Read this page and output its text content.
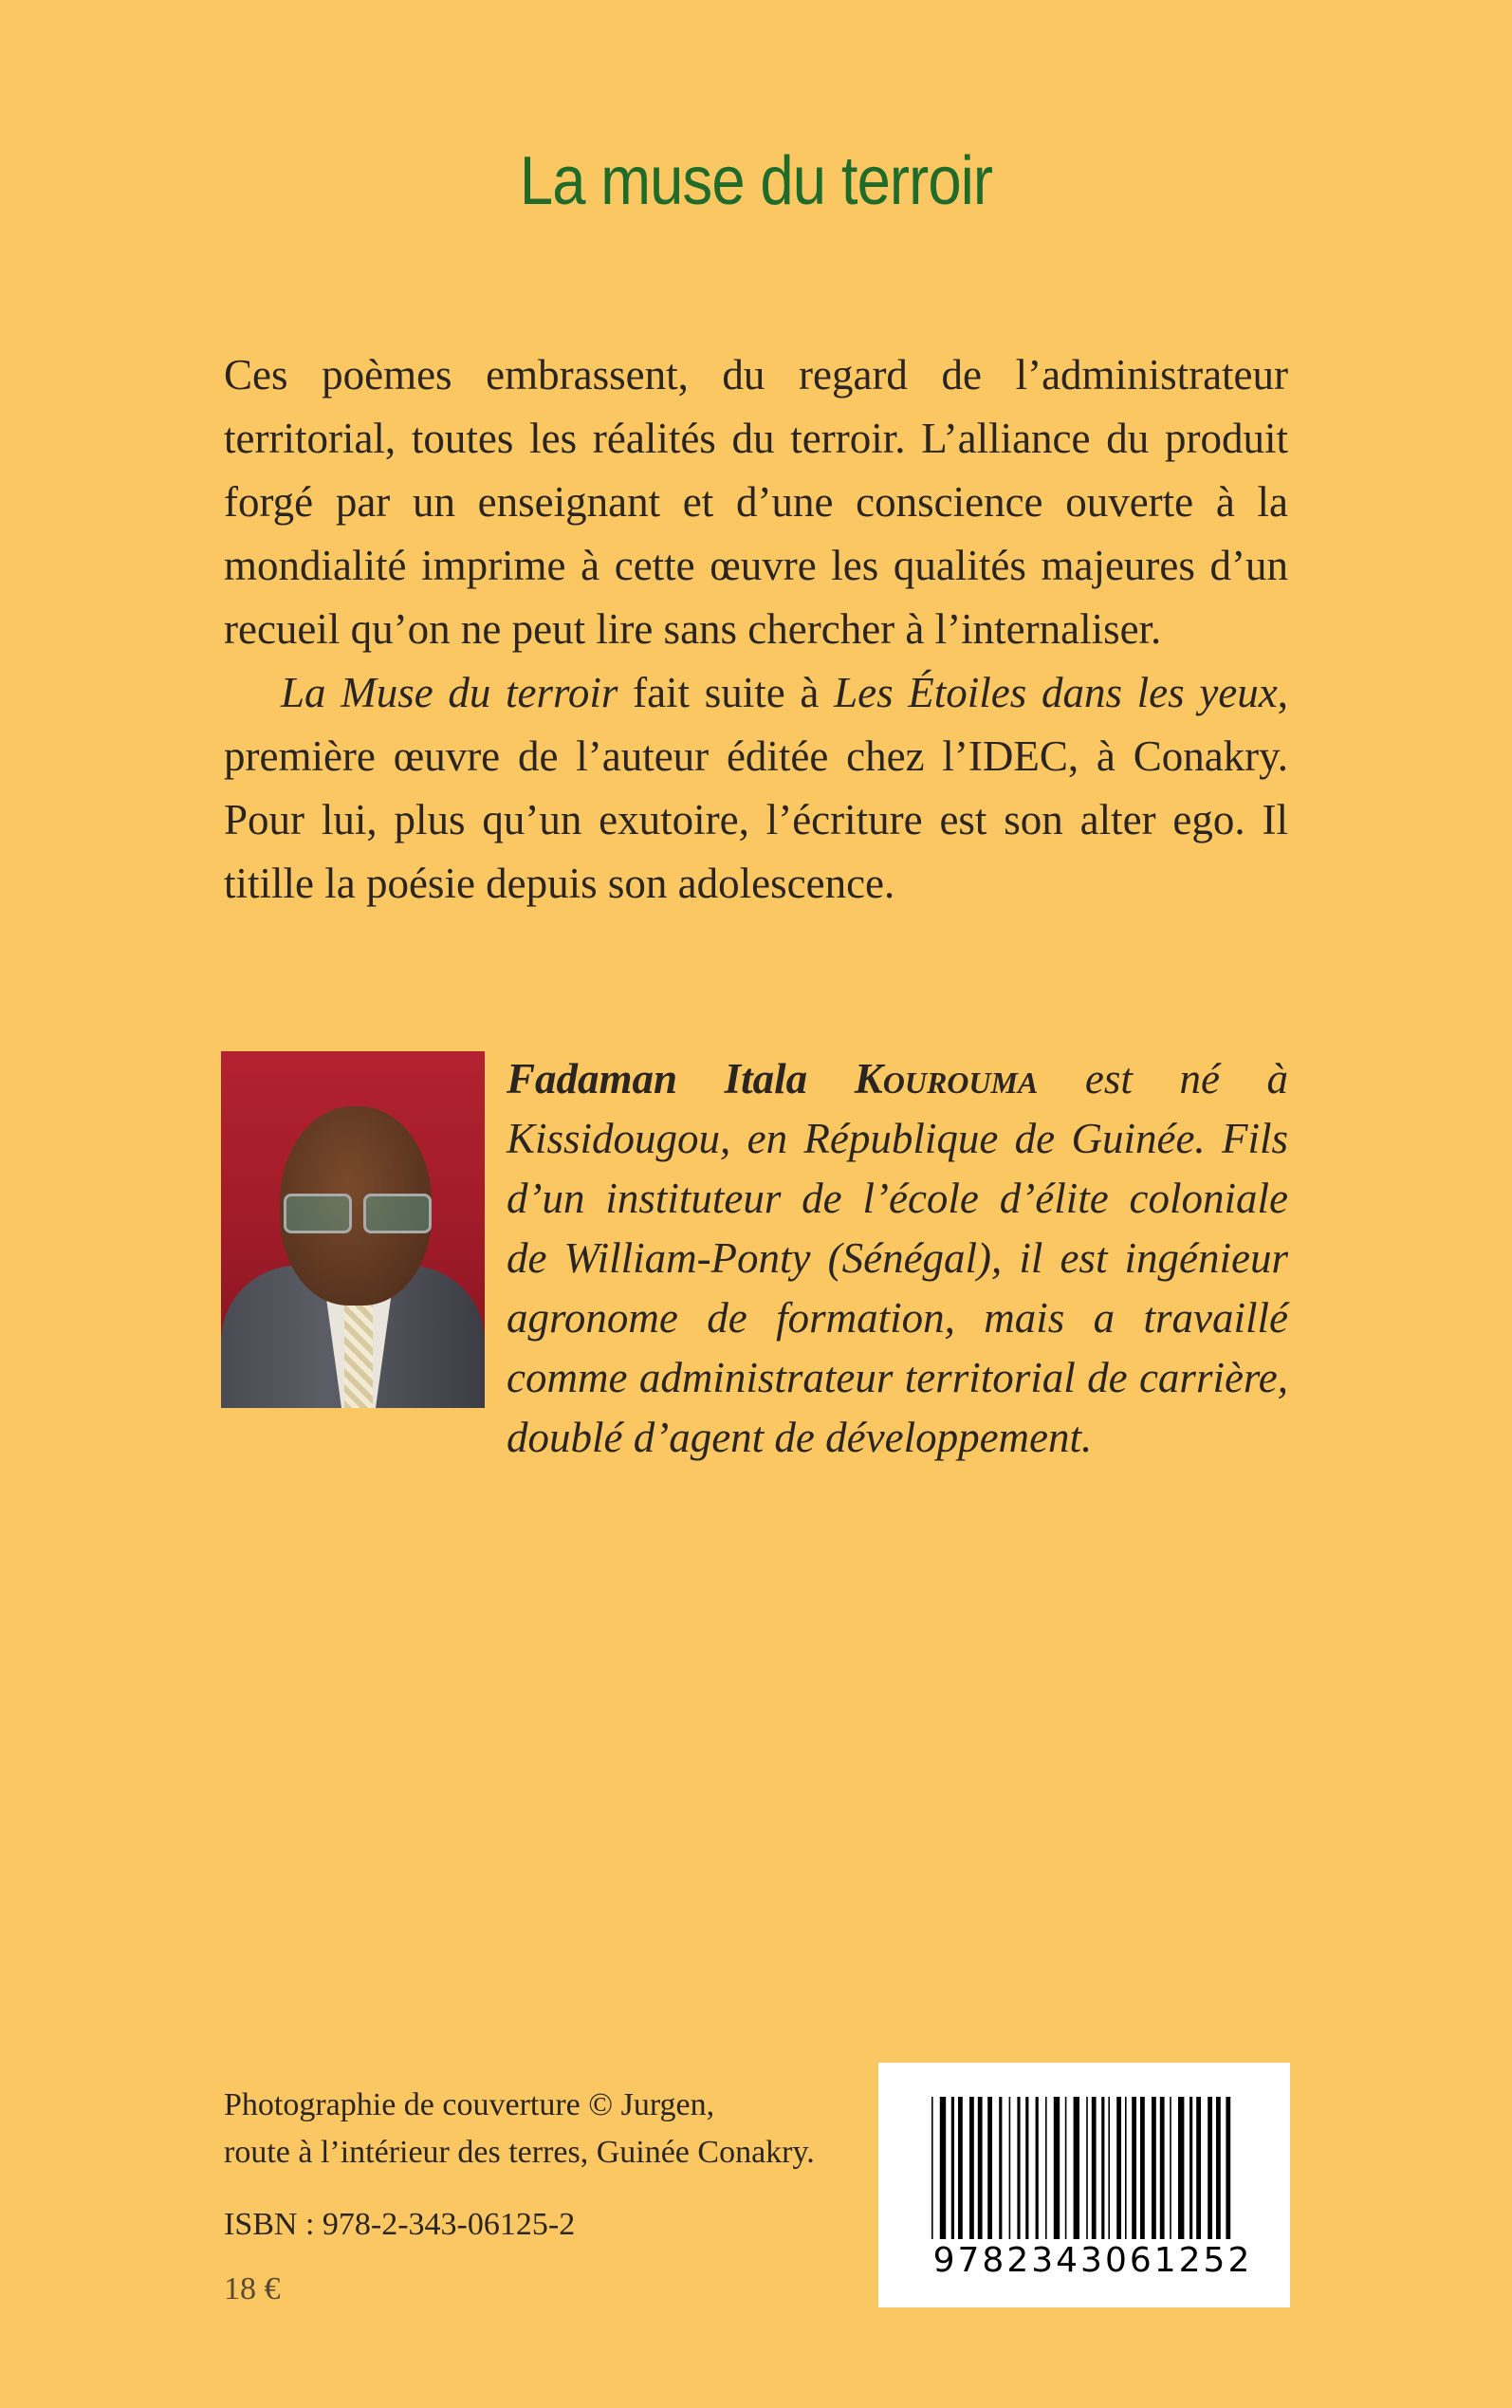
La muse du terroir

Ces poèmes embrassent, du regard de l’administrateur territorial, toutes les réalités du terroir. L’alliance du produit forgé par un enseignant et d’une conscience ouverte à la mondialité imprime à cette œuvre les qualités majeures d’un recueil qu’on ne peut lire sans chercher à l’internaliser.

La Muse du terroir fait suite à Les Étoiles dans les yeux, première œuvre de l’auteur éditée chez l’IDEC, à Conakry. Pour lui, plus qu’un exutoire, l’écriture est son alter ego. Il titille la poésie depuis son adolescence.

Fadaman Itala Kourouma est né à Kissidougou, en République de Guinée. Fils d’un instituteur de l’école d’élite coloniale de William-Ponty (Sénégal), il est ingénieur agronome de formation, mais a travaillé comme administrateur territorial de carrière, doublé d’agent de développement.

Photographie de couverture © Jurgen,

route à l’intérieur des terres, Guinée Conakry.

ISBN : 978-2-343-06125-2
18 €
9782343061252
